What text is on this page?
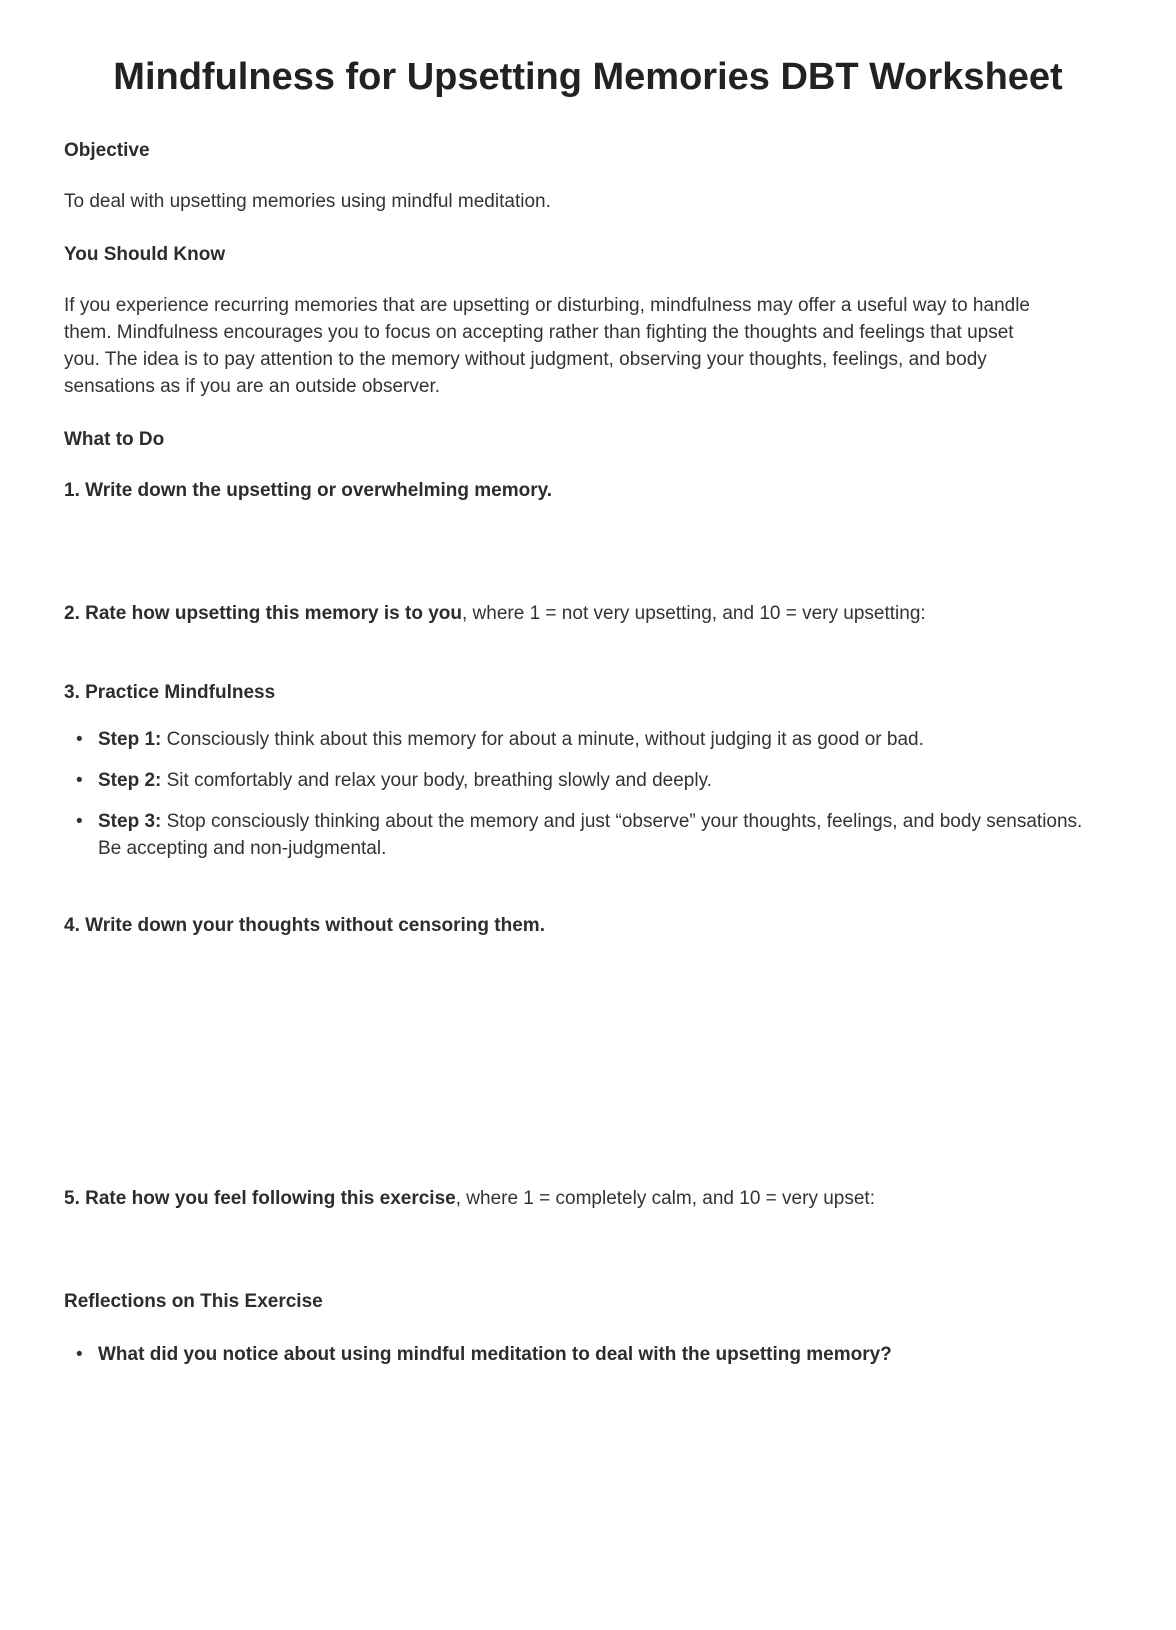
Mindfulness for Upsetting Memories DBT Worksheet
Objective
To deal with upsetting memories using mindful meditation.
You Should Know
If you experience recurring memories that are upsetting or disturbing, mindfulness may offer a useful way to handle them. Mindfulness encourages you to focus on accepting rather than fighting the thoughts and feelings that upset you. The idea is to pay attention to the memory without judgment, observing your thoughts, feelings, and body sensations as if you are an outside observer.
What to Do
1. Write down the upsetting or overwhelming memory.
2. Rate how upsetting this memory is to you, where 1 = not very upsetting, and 10 = very upsetting:
3. Practice Mindfulness
• Step 1: Consciously think about this memory for about a minute, without judging it as good or bad.
• Step 2: Sit comfortably and relax your body, breathing slowly and deeply.
• Step 3: Stop consciously thinking about the memory and just “observe” your thoughts, feelings, and body sensations. Be accepting and non-judgmental.
4. Write down your thoughts without censoring them.
5. Rate how you feel following this exercise, where 1 = completely calm, and 10 = very upset:
Reflections on This Exercise
• What did you notice about using mindful meditation to deal with the upsetting memory?
